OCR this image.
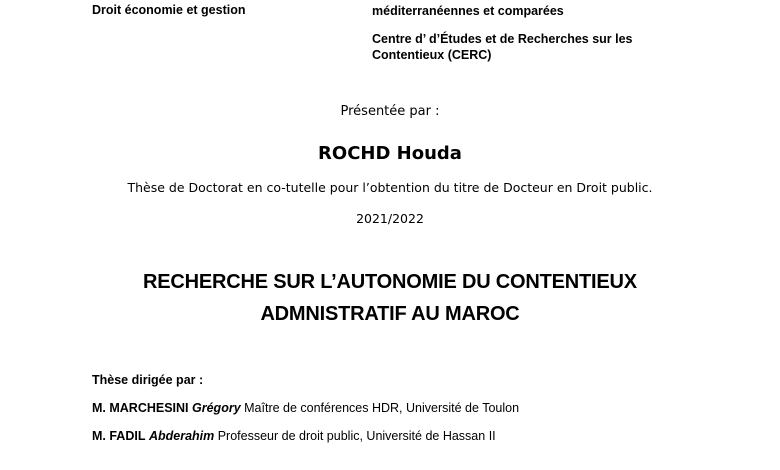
Droit économie et gestion	méditerranéennes et comparées
Centre d’ d’Études et de Recherches sur les Contentieux (CERC)
Présentée par :
ROCHD Houda
Thèse de Doctorat en co-tutelle pour l’obtention du titre de Docteur en Droit public.
2021/2022
RECHERCHE SUR L’AUTONOMIE DU CONTENTIEUX
ADMNISTRATIF AU MAROC
Thèse dirigée par :
M. MARCHESINI Grégory Maître de conférences HDR, Université de Toulon
M. FADIL Abderahim Professeur de droit public, Université de Hassan II
